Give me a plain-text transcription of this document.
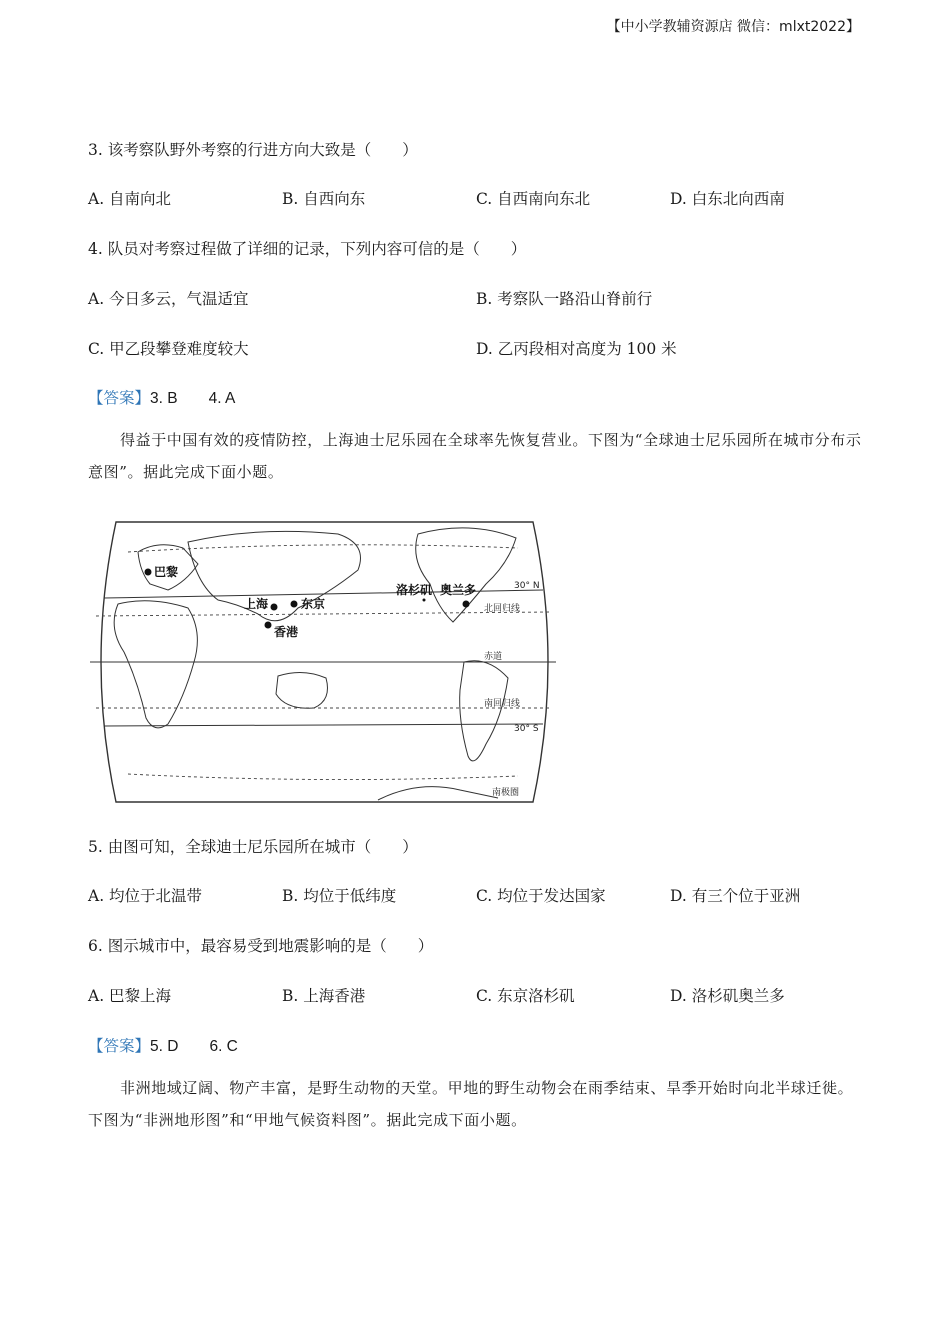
【中小学教辅资源店 微信：mlxt2022】
3. 该考察队野外考察的行进方向大致是（　　）
A. 自南向北	B. 自西向东	C. 自西南向东北	D. 白东北向西南
4. 队员对考察过程做了详细的记录，下列内容可信的是（　　）
A. 今日多云，气温适宜	B. 考察队一路沿山脊前行
C. 甲乙段攀登难度较大	D. 乙丙段相对高度为 100 米
【答案】3. B　　4. A

得益于中国有效的疫情防控，上海迪士尼乐园在全球率先恢复营业。下图为“全球迪士尼乐园所在城市分布示意图”。据此完成下面小题。

巴黎
上海	东京
香港
洛杉矶 奥兰多	30° N
北回归线
赤道
南回归线
30° S
南极圈
5. 由图可知，全球迪士尼乐园所在城市（　　）
A. 均位于北温带	B. 均位于低纬度	C. 均位于发达国家	D. 有三个位于亚洲
6. 图示城市中，最容易受到地震影响的是（　　）
A. 巴黎上海	B. 上海香港	C. 东京洛杉矶	D. 洛杉矶奥兰多
【答案】5. D　　6. C

非洲地域辽阔、物产丰富，是野生动物的天堂。甲地的野生动物会在雨季结束、旱季开始时向北半球迁徙。下图为“非洲地形图”和“甲地气候资料图”。据此完成下面小题。
